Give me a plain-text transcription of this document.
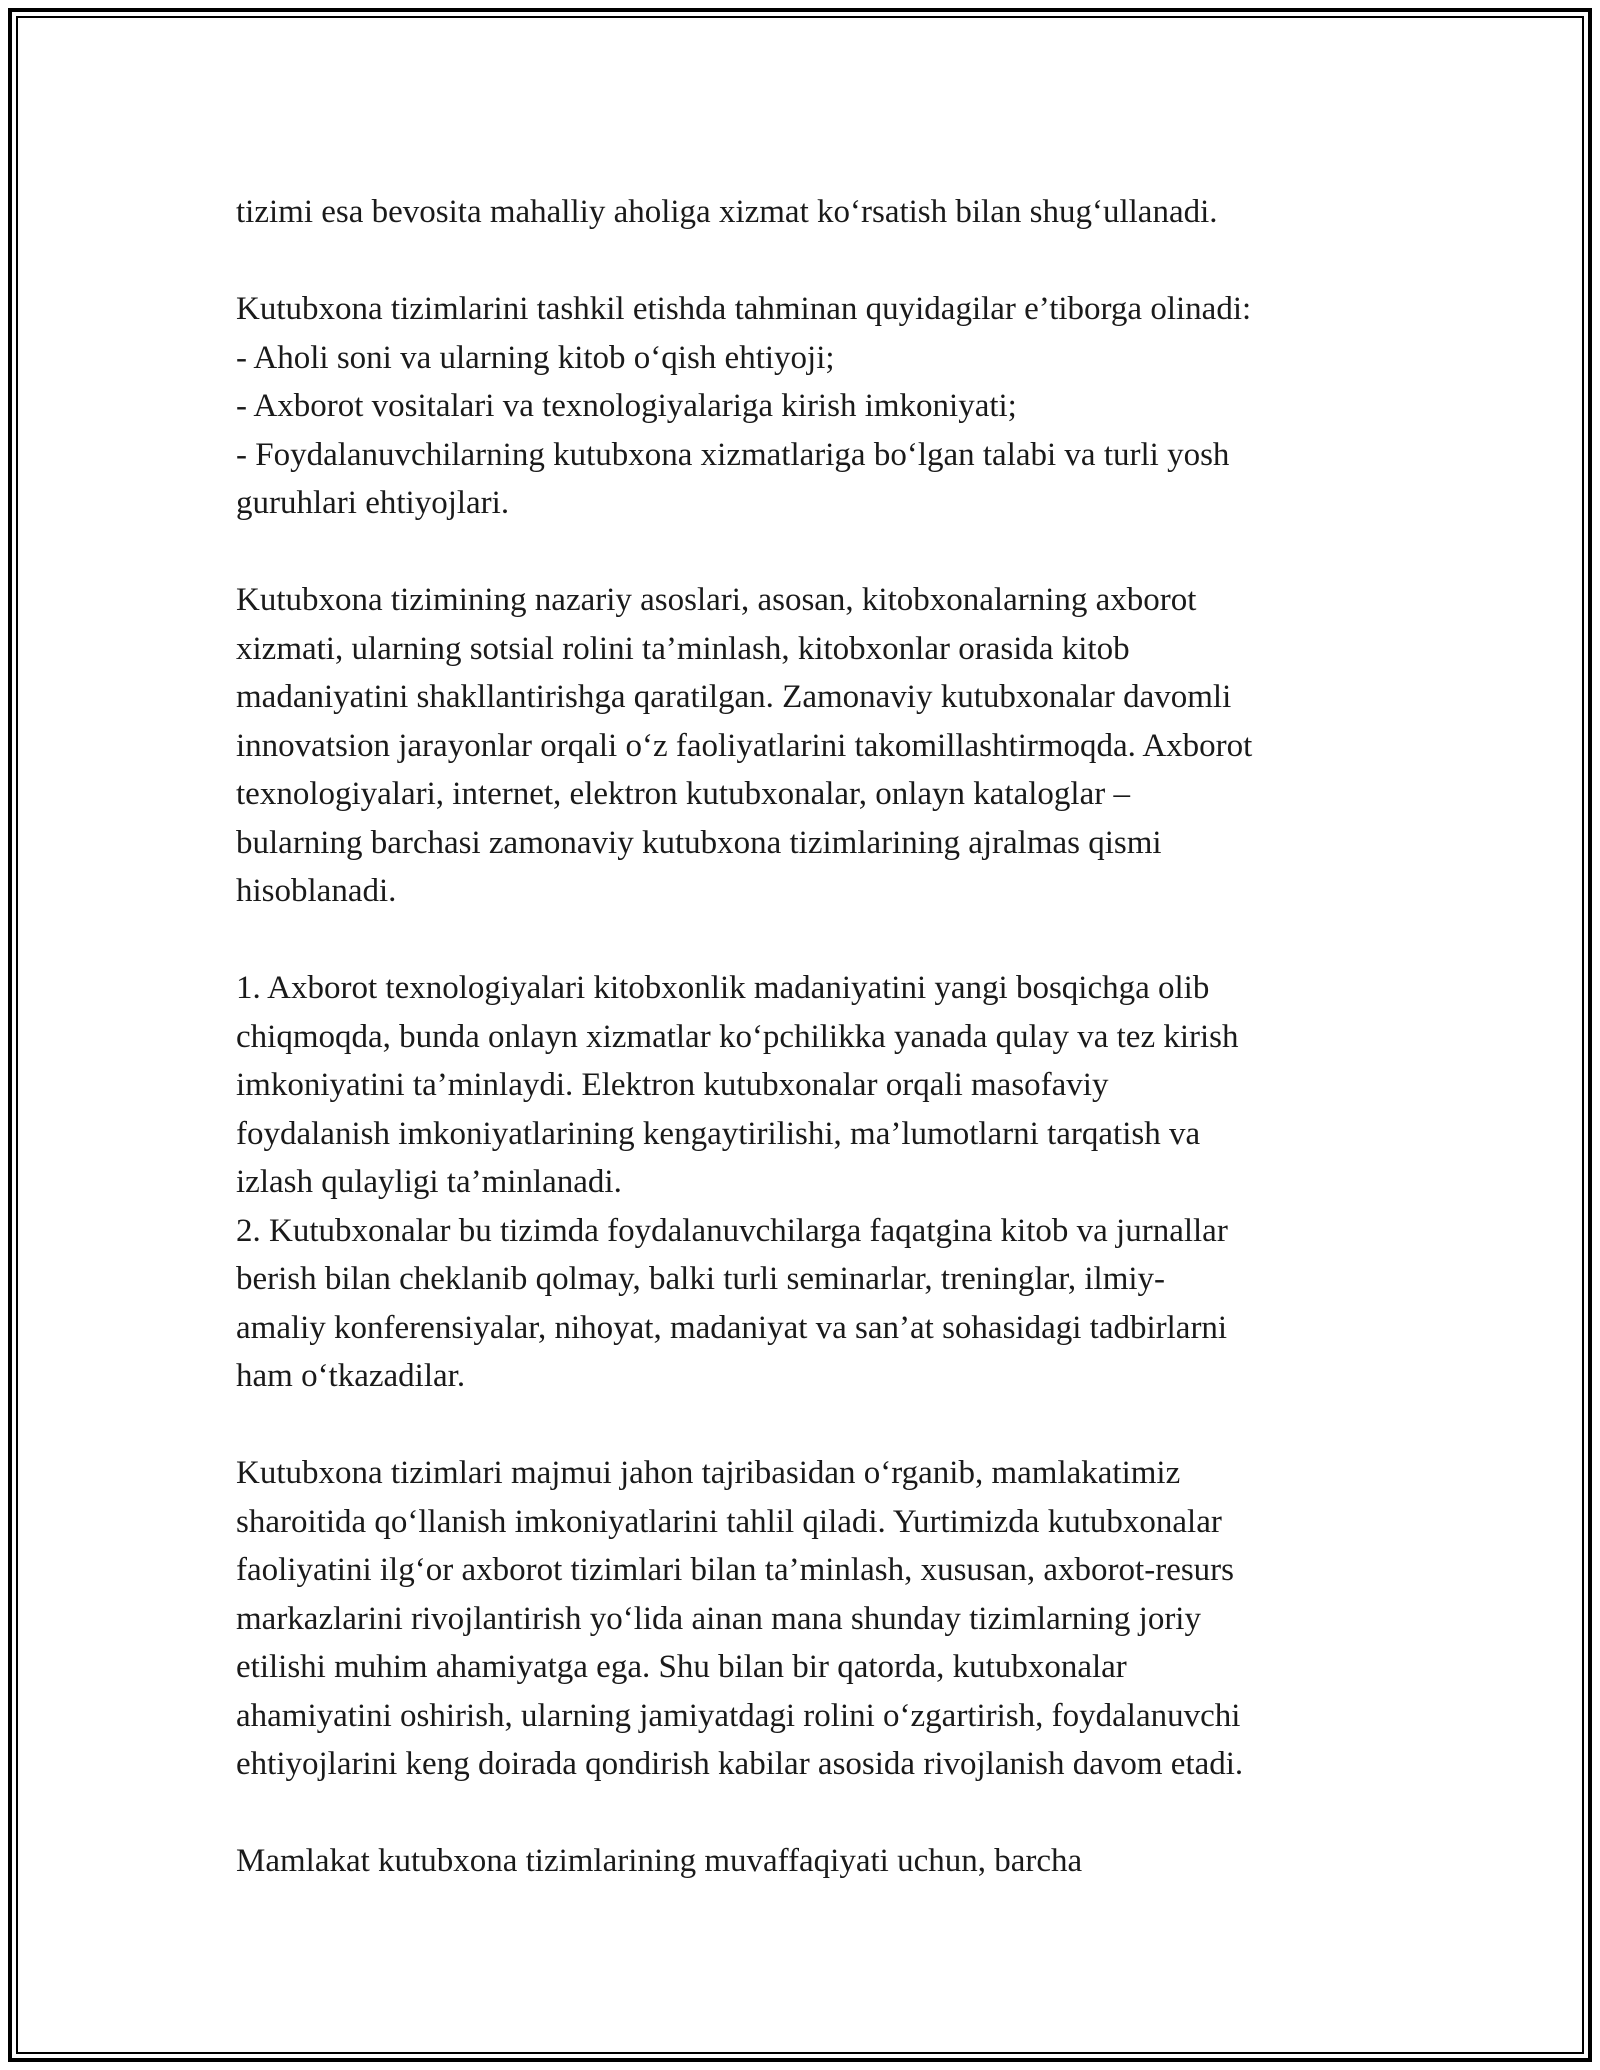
tizimi esa bevosita mahalliy aholiga xizmat ko‘rsatish bilan shug‘ullanadi.

Kutubxona tizimlarini tashkil etishda tahminan quyidagilar e’tiborga olinadi:

- Aholi soni va ularning kitob o‘qish ehtiyoji;

- Axborot vositalari va texnologiyalariga kirish imkoniyati;

- Foydalanuvchilarning kutubxona xizmatlariga bo‘lgan talabi va turli yosh

guruhlari ehtiyojlari.

Kutubxona tizimining nazariy asoslari, asosan, kitobxonalarning axborot

xizmati, ularning sotsial rolini ta’minlash, kitobxonlar orasida kitob

madaniyatini shakllantirishga qaratilgan. Zamonaviy kutubxonalar davomli

innovatsion jarayonlar orqali o‘z faoliyatlarini takomillashtirmoqda. Axborot

texnologiyalari, internet, elektron kutubxonalar, onlayn kataloglar –

bularning barchasi zamonaviy kutubxona tizimlarining ajralmas qismi

hisoblanadi.

1. Axborot texnologiyalari kitobxonlik madaniyatini yangi bosqichga olib

chiqmoqda, bunda onlayn xizmatlar ko‘pchilikka yanada qulay va tez kirish

imkoniyatini ta’minlaydi. Elektron kutubxonalar orqali masofaviy

foydalanish imkoniyatlarining kengaytirilishi, ma’lumotlarni tarqatish va

izlash qulayligi ta’minlanadi.

2. Kutubxonalar bu tizimda foydalanuvchilarga faqatgina kitob va jurnallar

berish bilan cheklanib qolmay, balki turli seminarlar, treninglar, ilmiy-

amaliy konferensiyalar, nihoyat, madaniyat va san’at sohasidagi tadbirlarni

ham o‘tkazadilar.

Kutubxona tizimlari majmui jahon tajribasidan o‘rganib, mamlakatimiz

sharoitida qo‘llanish imkoniyatlarini tahlil qiladi. Yurtimizda kutubxonalar

faoliyatini ilg‘or axborot tizimlari bilan ta’minlash, xususan, axborot-resurs

markazlarini rivojlantirish yo‘lida ainan mana shunday tizimlarning joriy

etilishi muhim ahamiyatga ega. Shu bilan bir qatorda, kutubxonalar

ahamiyatini oshirish, ularning jamiyatdagi rolini o‘zgartirish, foydalanuvchi

ehtiyojlarini keng doirada qondirish kabilar asosida rivojlanish davom etadi.

Mamlakat kutubxona tizimlarining muvaffaqiyati uchun, barcha
